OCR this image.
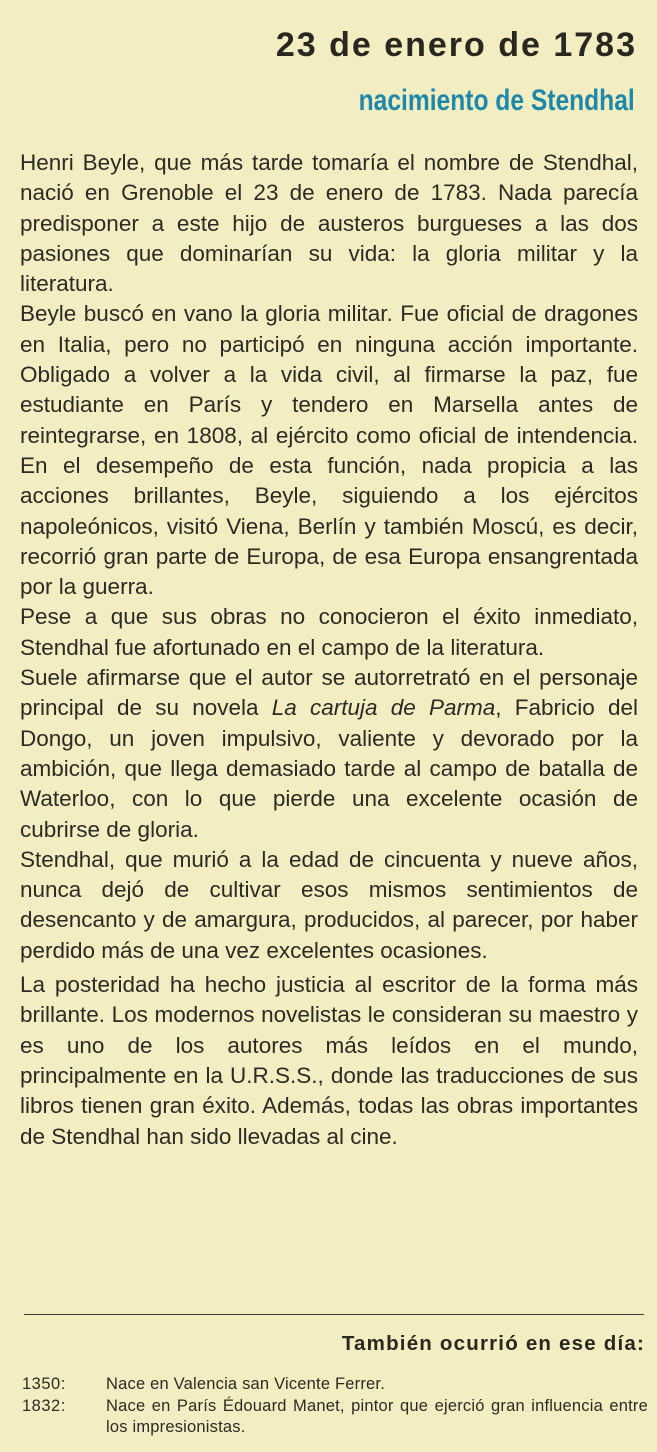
23 de enero de 1783
nacimiento de Stendhal

Henri Beyle, que más tarde tomaría el nombre de Stendhal, nació en Grenoble el 23 de enero de 1783. Nada parecía predisponer a este hijo de austeros burgueses a las dos pasiones que dominarían su vida: la gloria militar y la literatura.

Beyle buscó en vano la gloria militar. Fue oficial de dragones en Italia, pero no participó en ninguna acción importante. Obligado a volver a la vida civil, al firmarse la paz, fue estudiante en París y tendero en Marsella antes de reintegrarse, en 1808, al ejército como oficial de intendencia. En el desempeño de esta función, nada propicia a las acciones brillantes, Beyle, siguiendo a los ejércitos napoleónicos, visitó Viena, Berlín y también Moscú, es decir, recorrió gran parte de Europa, de esa Europa ensangrentada por la guerra.

Pese a que sus obras no conocieron el éxito inmediato, Stendhal fue afortunado en el campo de la literatura.

Suele afirmarse que el autor se autorretrató en el personaje principal de su novela La cartuja de Parma, Fabricio del Dongo, un joven impulsivo, valiente y devorado por la ambición, que llega demasiado tarde al campo de batalla de Waterloo, con lo que pierde una excelente ocasión de cubrirse de gloria.

Stendhal, que murió a la edad de cincuenta y nueve años, nunca dejó de cultivar esos mismos sentimientos de desencanto y de amargura, producidos, al parecer, por haber perdido más de una vez excelentes ocasiones.

La posteridad ha hecho justicia al escritor de la forma más brillante. Los modernos novelistas le consideran su maestro y es uno de los autores más leídos en el mundo, principalmente en la U.R.S.S., donde las traducciones de sus libros tienen gran éxito. Además, todas las obras importantes de Stendhal han sido llevadas al cine.

También ocurrió en ese día:
1350:	Nace en Valencia san Vicente Ferrer.
1832:	Nace en París Édouard Manet, pintor que ejerció gran influencia entre los impresionistas.
